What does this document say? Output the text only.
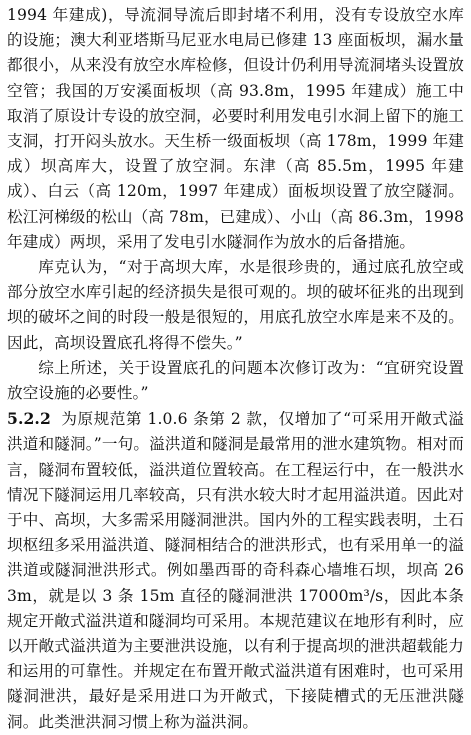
1994 年建成)，导流洞导流后即封堵不利用，没有专设放空水库的设施；澳大利亚塔斯马尼亚水电局已修建 13 座面板坝，漏水量都很小，从来没有放空水库检修，但设计仍利用导流洞堵头设置放空管；我国的万安溪面板坝（高 93.8m，1995 年建成）施工中取消了原设计专设的放空洞，必要时利用发电引水洞上留下的施工支洞，打开闷头放水。天生桥一级面板坝（高 178m，1999 年建成）坝高库大，设置了放空洞。东津（高 85.5m，1995 年建成）、白云（高 120m，1997 年建成）面板坝设置了放空隧洞。松江河梯级的松山（高 78m，已建成）、小山（高 86.3m，1998 年建成）两坝，采用了发电引水隧洞作为放水的后备措施。

库克认为，“对于高坝大库，水是很珍贵的，通过底孔放空或部分放空水库引起的经济损失是很可观的。坝的破坏征兆的出现到坝的破坏之间的时段一般是很短的，用底孔放空水库是来不及的。因此，高坝设置底孔将得不偿失。”

综上所述，关于设置底孔的问题本次修订改为：“宜研究设置放空设施的必要性。”

5.2.2 为原规范第 1.0.6 条第 2 款，仅增加了“可采用开敞式溢洪道和隧洞。”一句。溢洪道和隧洞是最常用的泄水建筑物。相对而言，隧洞布置较低，溢洪道位置较高。在工程运行中，在一般洪水情况下隧洞运用几率较高，只有洪水较大时才起用溢洪道。因此对于中、高坝，大多需采用隧洞泄洪。国内外的工程实践表明，土石坝枢纽多采用溢洪道、隧洞相结合的泄洪形式，也有采用单一的溢洪道或隧洞泄洪形式。例如墨西哥的奇科森心墙堆石坝，坝高 263m，就是以 3 条 15m 直径的隧洞泄洪 17000m³/s，因此本条规定开敞式溢洪道和隧洞均可采用。本规范建议在地形有利时，应以开敞式溢洪道为主要泄洪设施，以有利于提高坝的泄洪超载能力和运用的可靠性。并规定在布置开敞式溢洪道有困难时，也可采用隧洞泄洪，最好是采用进口为开敞式，下接陡槽式的无压泄洪隧洞。此类泄洪洞习惯上称为溢洪洞。
